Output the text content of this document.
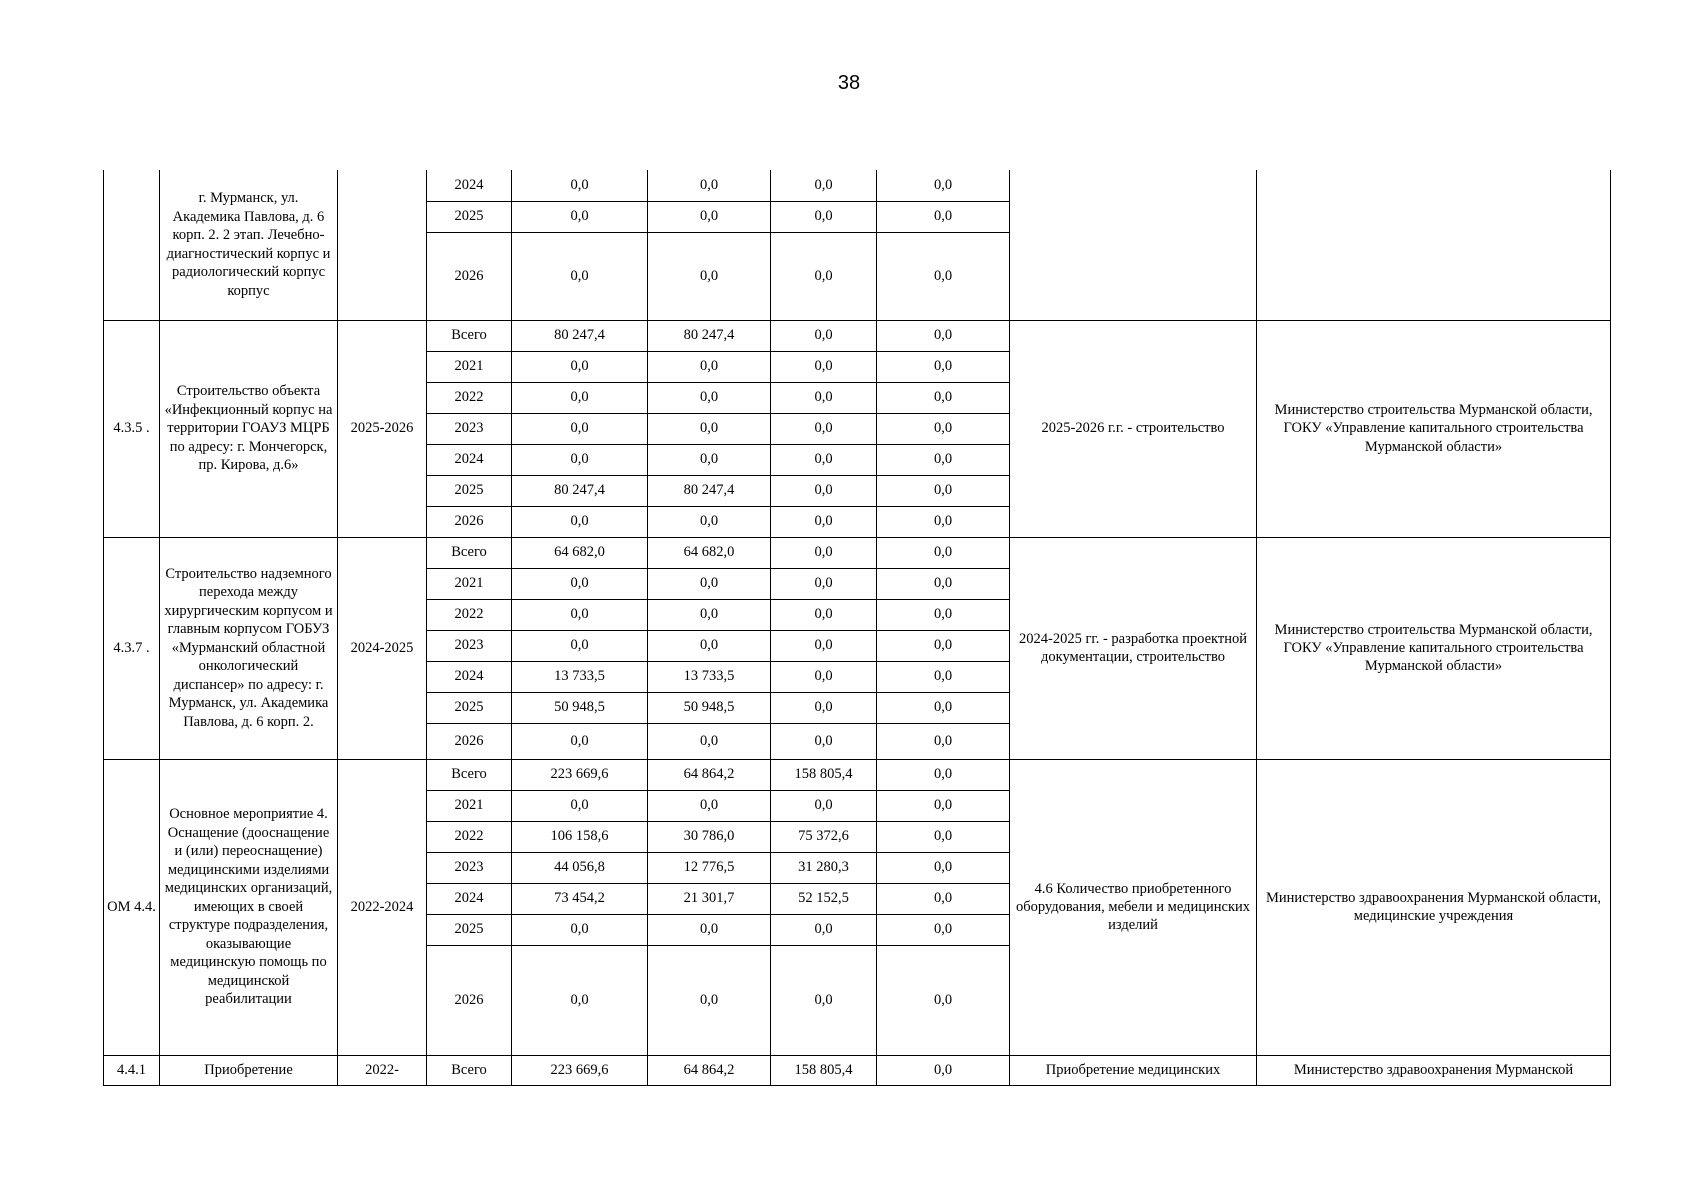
38
	г. Мурманск, ул. Академика Павлова, д. 6 корп. 2. 2 этап. Лечебно-диагностический корпус и радиологический корпус корпус		2024	0,0	0,0	0,0	0,0		
			2025	0,0	0,0	0,0	0,0		
			2026	0,0	0,0	0,0	0,0		
4.3.5 .	Строительство объекта «Инфекционный корпус на территории ГОАУЗ МЦРБ по адресу: г. Мончегорск, пр. Кирова, д.6»	2025-2026	Всего	80 247,4	80 247,4	0,0	0,0	2025-2026 г.г. - строительство	Министерство строительства Мурманской области,
ГОКУ «Управление капитального строительства Мурманской области»
			2021	0,0	0,0	0,0	0,0		
			2022	0,0	0,0	0,0	0,0		
			2023	0,0	0,0	0,0	0,0		
			2024	0,0	0,0	0,0	0,0		
			2025	80 247,4	80 247,4	0,0	0,0		
			2026	0,0	0,0	0,0	0,0		
4.3.7 .	Строительство надземного перехода между хирургическим корпусом и главным корпусом ГОБУЗ «Мурманский областной онкологический диспансер» по адресу: г. Мурманск, ул. Академика Павлова, д. 6 корп. 2.	2024-2025	Всего	64 682,0	64 682,0	0,0	0,0	2024-2025 гг. - разработка проектной документации, строительство	Министерство строительства Мурманской области,
ГОКУ «Управление капитального строительства Мурманской области»
			2021	0,0	0,0	0,0	0,0		
			2022	0,0	0,0	0,0	0,0		
			2023	0,0	0,0	0,0	0,0		
			2024	13 733,5	13 733,5	0,0	0,0		
			2025	50 948,5	50 948,5	0,0	0,0		
			2026	0,0	0,0	0,0	0,0		
ОМ 4.4.	Основное мероприятие 4. Оснащение (дооснащение и (или) переоснащение) медицинскими изделиями медицинских организаций, имеющих в своей структуре подразделения, оказывающие медицинскую помощь по медицинской реабилитации	2022-2024	Всего	223 669,6	64 864,2	158 805,4	0,0	4.6 Количество приобретенного оборудования, мебели и медицинских изделий	Министерство здравоохранения Мурманской области,
медицинские учреждения
			2021	0,0	0,0	0,0	0,0		
			2022	106 158,6	30 786,0	75 372,6	0,0		
			2023	44 056,8	12 776,5	31 280,3	0,0		
			2024	73 454,2	21 301,7	52 152,5	0,0		
			2025	0,0	0,0	0,0	0,0		
			2026	0,0	0,0	0,0	0,0		
4.4.1	Приобретение	2022-	Всего	223 669,6	64 864,2	158 805,4	0,0	Приобретение медицинских	Министерство здравоохранения Мурманской
